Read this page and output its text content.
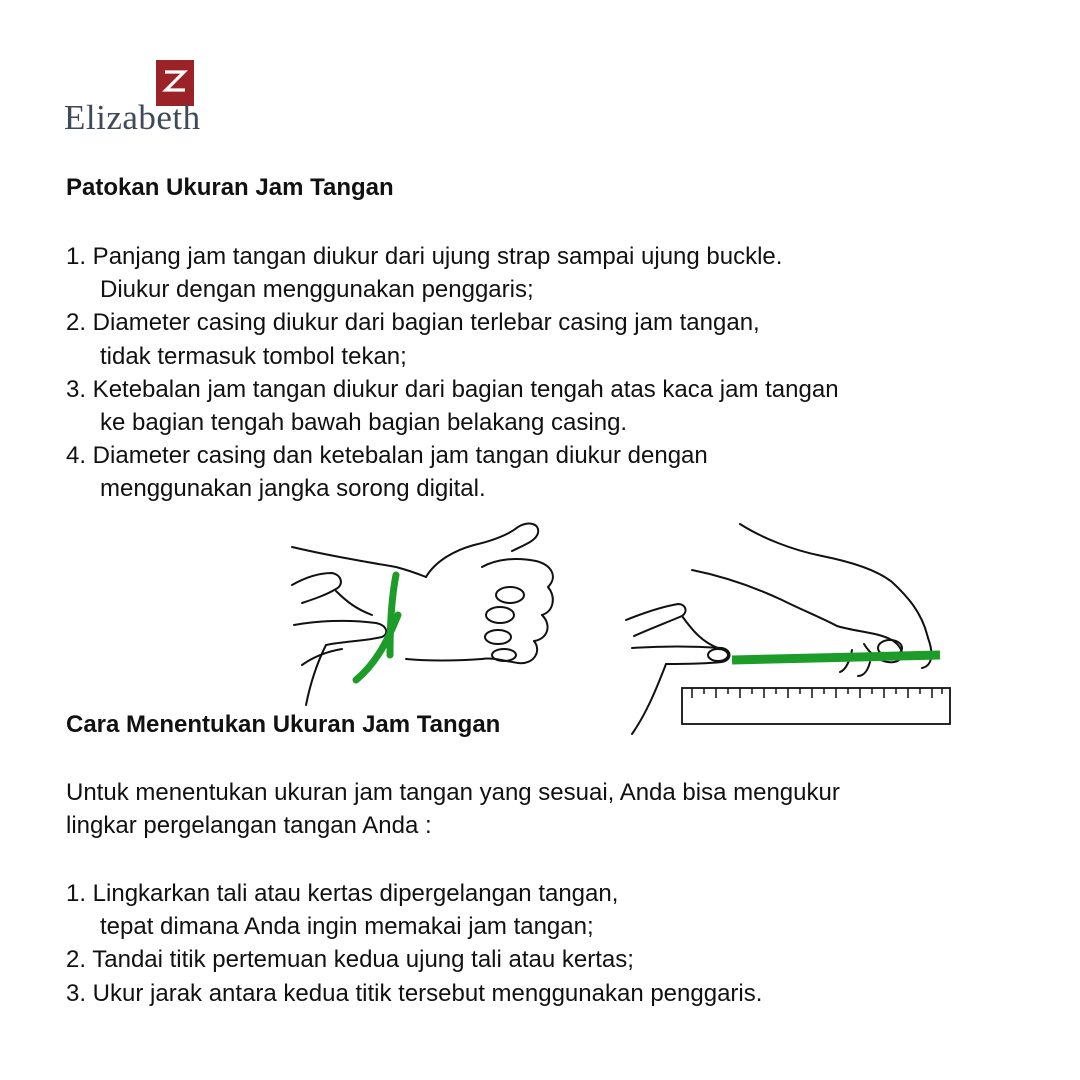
Elizabeth
Patokan Ukuran Jam Tangan
1. Panjang jam tangan diukur dari ujung strap sampai ujung buckle.
Diukur dengan menggunakan penggaris;
2. Diameter casing diukur dari bagian terlebar casing jam tangan,
tidak termasuk tombol tekan;
3. Ketebalan jam tangan diukur dari bagian tengah atas kaca jam tangan
ke bagian tengah bawah bagian belakang casing.
4. Diameter casing dan ketebalan jam tangan diukur dengan
menggunakan jangka sorong digital.
Cara Menentukan Ukuran Jam Tangan
Untuk menentukan ukuran jam tangan yang sesuai, Anda bisa mengukur
lingkar pergelangan tangan Anda :
1. Lingkarkan tali atau kertas dipergelangan tangan,
tepat dimana Anda ingin memakai jam tangan;
2. Tandai titik pertemuan kedua ujung tali atau kertas;
3. Ukur jarak antara kedua titik tersebut menggunakan penggaris.
